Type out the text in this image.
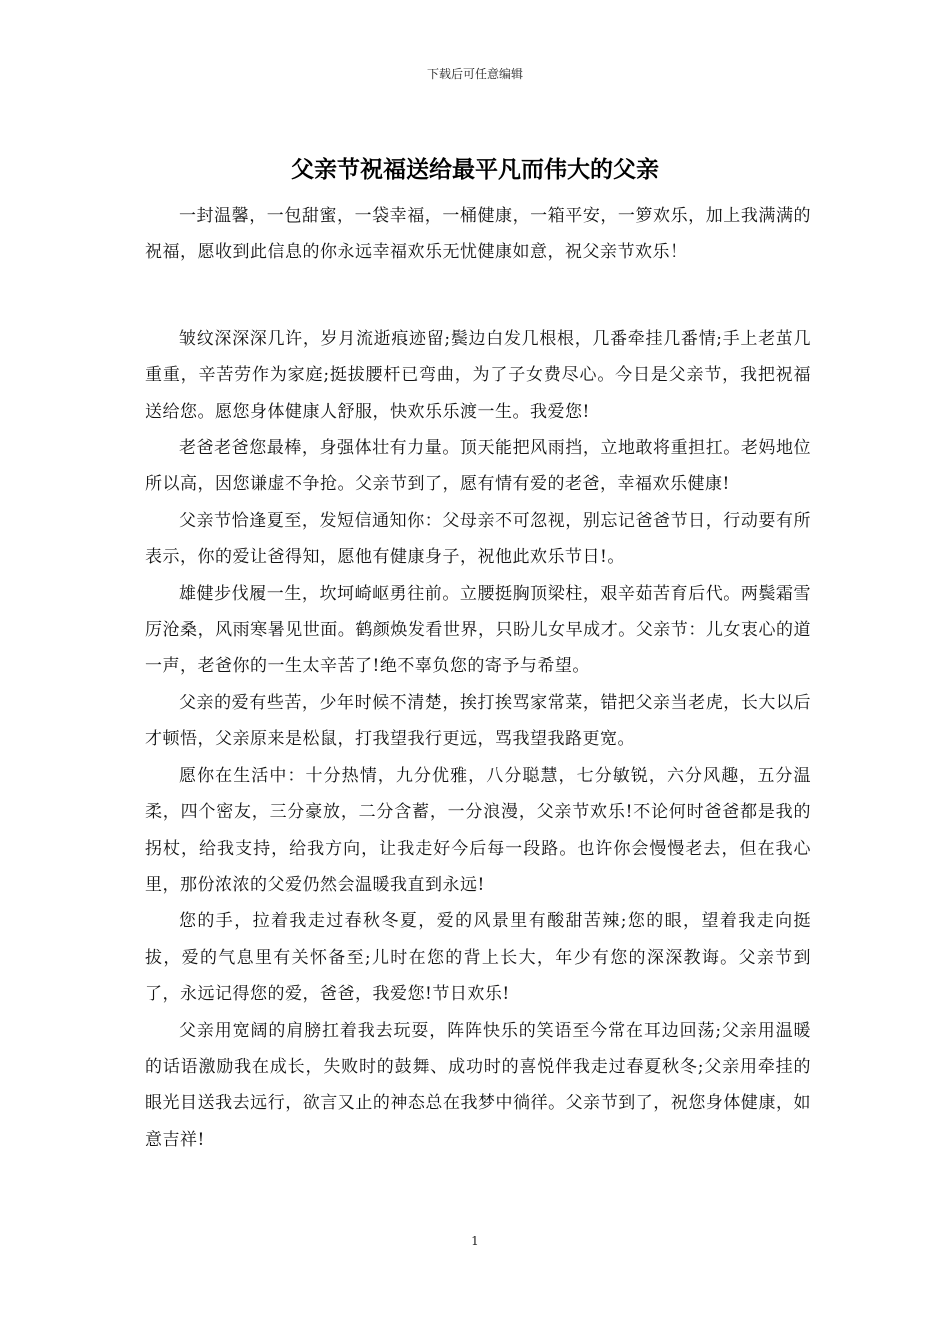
下载后可任意编辑
父亲节祝福送给最平凡而伟大的父亲

一封温馨，一包甜蜜，一袋幸福，一桶健康，一箱平安，一箩欢乐，加上我满满的祝福，愿收到此信息的你永远幸福欢乐无忧健康如意，祝父亲节欢乐！

皱纹深深深几许，岁月流逝痕迹留;鬓边白发几根根，几番牵挂几番情;手上老茧几重重，辛苦劳作为家庭;挺拔腰杆已弯曲，为了子女费尽心。今日是父亲节，我把祝福送给您。愿您身体健康人舒服，快欢乐乐渡一生。我爱您!

老爸老爸您最棒，身强体壮有力量。顶天能把风雨挡，立地敢将重担扛。老妈地位所以高，因您谦虚不争抢。父亲节到了，愿有情有爱的老爸，幸福欢乐健康!

父亲节恰逢夏至，发短信通知你：父母亲不可忽视，别忘记爸爸节日，行动要有所表示，你的爱让爸得知，愿他有健康身子，祝他此欢乐节日!。

雄健步伐履一生，坎坷崎岖勇往前。立腰挺胸顶梁柱，艰辛茹苦育后代。两鬓霜雪厉沧桑，风雨寒暑见世面。鹤颜焕发看世界，只盼儿女早成才。父亲节：儿女衷心的道一声，老爸你的一生太辛苦了!绝不辜负您的寄予与希望。

父亲的爱有些苦，少年时候不清楚，挨打挨骂家常菜，错把父亲当老虎，长大以后才顿悟，父亲原来是松鼠，打我望我行更远，骂我望我路更宽。

愿你在生活中：十分热情，九分优雅，八分聪慧，七分敏锐，六分风趣，五分温柔，四个密友，三分豪放，二分含蓄，一分浪漫，父亲节欢乐!不论何时爸爸都是我的拐杖，给我支持，给我方向，让我走好今后每一段路。也许你会慢慢老去，但在我心里，那份浓浓的父爱仍然会温暖我直到永远!

您的手，拉着我走过春秋冬夏，爱的风景里有酸甜苦辣;您的眼，望着我走向挺拔，爱的气息里有关怀备至;儿时在您的背上长大，年少有您的深深教诲。父亲节到了，永远记得您的爱，爸爸，我爱您!节日欢乐!

父亲用宽阔的肩膀扛着我去玩耍，阵阵快乐的笑语至今常在耳边回荡;父亲用温暖的话语激励我在成长，失败时的鼓舞、成功时的喜悦伴我走过春夏秋冬;父亲用牵挂的眼光目送我去远行，欲言又止的神态总在我梦中徜徉。父亲节到了，祝您身体健康，如意吉祥!

1
